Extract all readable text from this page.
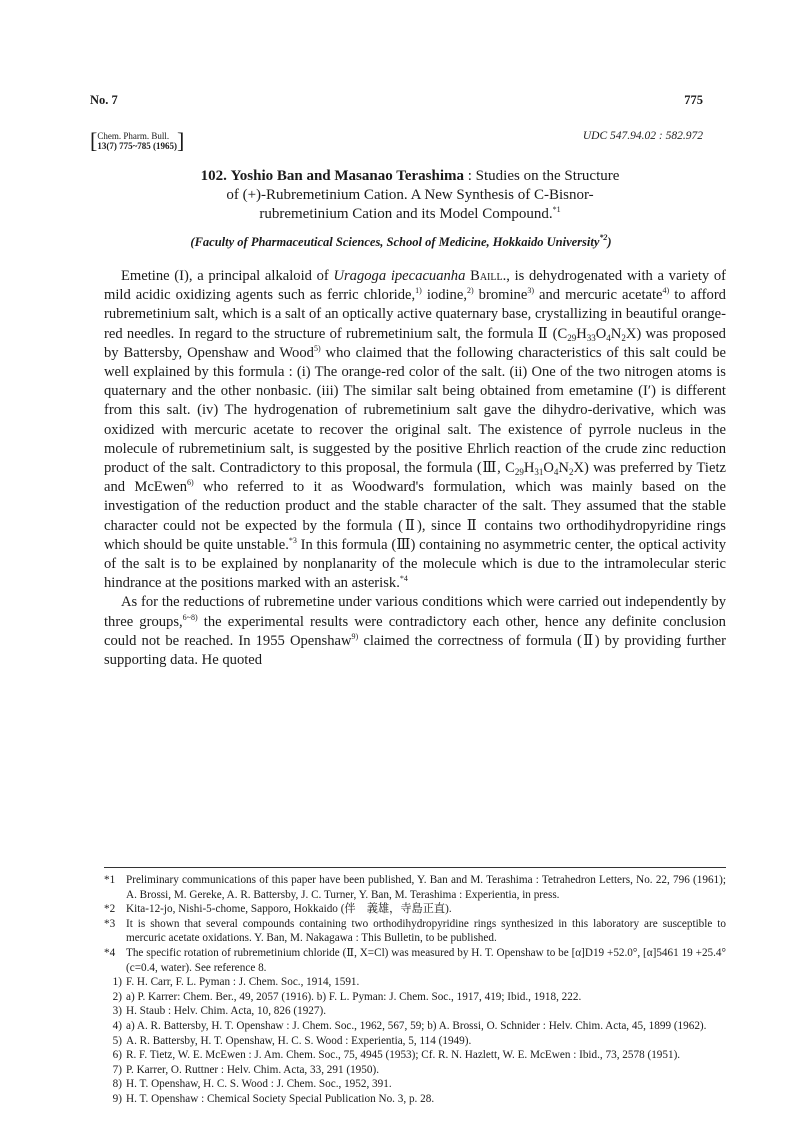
No. 7	775
[Chem. Pharm. Bull.
13(7) 775~785 (1965)]	UDC 547.94.02 : 582.972
102. Yoshio Ban and Masanao Terashima : Studies on the Structure
of (+)-Rubremetinium Cation. A New Synthesis of C-Bisnor-
rubremetinium Cation and its Model Compound.$^{*1}$
(Faculty of Pharmaceutical Sciences, School of Medicine, Hokkaido University$^{*2}$)

Emetine (I), a principal alkaloid of Uragoga ipecacuanha Baill., is dehydrogenated with a variety of mild acidic oxidizing agents such as ferric chloride,$^{1)}$ iodine,$^{2)}$ bromine$^{3)}$ and mercuric acetate$^{4)}$ to afford rubremetinium salt, which is a salt of an optically active quaternary base, crystallizing in beautiful orange-red needles. In regard to the structure of rubremetinium salt, the formula Ⅱ $(C_{29}H_{33}O_4N_2X)$ was proposed by Battersby, Openshaw and Wood$^{5)}$ who claimed that the following characteristics of this salt could be well explained by this formula : (i) The orange-red color of the salt. (ii) One of the two nitrogen atoms is quaternary and the other nonbasic. (iii) The similar salt being obtained from emetamine (I′) is different from this salt. (iv) The hydrogenation of rubremetinium salt gave the dihydro-derivative, which was oxidized with mercuric acetate to recover the original salt. The existence of pyrrole nucleus in the molecule of rubremetinium salt, is suggested by the positive Ehrlich reaction of the crude zinc reduction product of the salt. Contradictory to this proposal, the formula (Ⅲ, $C_{29}H_{31}O_4N_2X$) was preferred by Tietz and McEwen$^{6)}$ who referred to it as Woodward's formulation, which was mainly based on the investigation of the reduction product and the stable character of the salt. They assumed that the stable character could not be expected by the formula (Ⅱ), since Ⅱ contains two orthodihydropyridine rings which should be quite unstable.$^{*3}$ In this formula (Ⅲ) containing no asymmetric center, the optical activity of the salt is to be explained by nonplanarity of the molecule which is due to the intramolecular steric hindrance at the positions marked with an asterisk.$^{*4}$

As for the reductions of rubremetine under various conditions which were carried out independently by three groups,$^{6\sim 8)}$ the experimental results were contradictory each other, hence any definite conclusion could not be reached. In 1955 Openshaw$^{9)}$ claimed the correctness of formula (Ⅱ) by providing further supporting data. He quoted

*1 Preliminary communications of this paper have been published, Y. Ban and M. Terashima : Tetrahedron Letters, No. 22, 796 (1961); A. Brossi, M. Gereke, A. R. Battersby, J. C. Turner, Y. Ban, M. Terashima : Experientia, in press.
*2 Kita-12-jo, Nishi-5-chome, Sapporo, Hokkaido (伴　義雄，寺島正直).
*3 It is shown that several compounds containing two orthodihydropyridine rings synthesized in this laboratory are susceptible to mercuric acetate oxidations. Y. Ban, M. Nakagawa : This Bulletin, to be published.
*4 The specific rotation of rubremetinium chloride (Ⅱ, X=Cl) was measured by H. T. Openshaw to be [α]D19 +52.0°, [α]5461 19 +25.4° (c=0.4, water). See reference 8.
1) F. H. Carr, F. L. Pyman : J. Chem. Soc., 1914, 1591.
2) a) P. Karrer: Chem. Ber., 49, 2057 (1916). b) F. L. Pyman: J. Chem. Soc., 1917, 419; Ibid., 1918, 222.
3) H. Staub : Helv. Chim. Acta, 10, 826 (1927).
4) a) A. R. Battersby, H. T. Openshaw : J. Chem. Soc., 1962, 567, 59; b) A. Brossi, O. Schnider : Helv. Chim. Acta, 45, 1899 (1962).
5) A. R. Battersby, H. T. Openshaw, H. C. S. Wood : Experientia, 5, 114 (1949).
6) R. F. Tietz, W. E. McEwen : J. Am. Chem. Soc., 75, 4945 (1953); Cf. R. N. Hazlett, W. E. McEwen : Ibid., 73, 2578 (1951).
7) P. Karrer, O. Ruttner : Helv. Chim. Acta, 33, 291 (1950).
8) H. T. Openshaw, H. C. S. Wood : J. Chem. Soc., 1952, 391.
9) H. T. Openshaw : Chemical Society Special Publication No. 3, p. 28.
